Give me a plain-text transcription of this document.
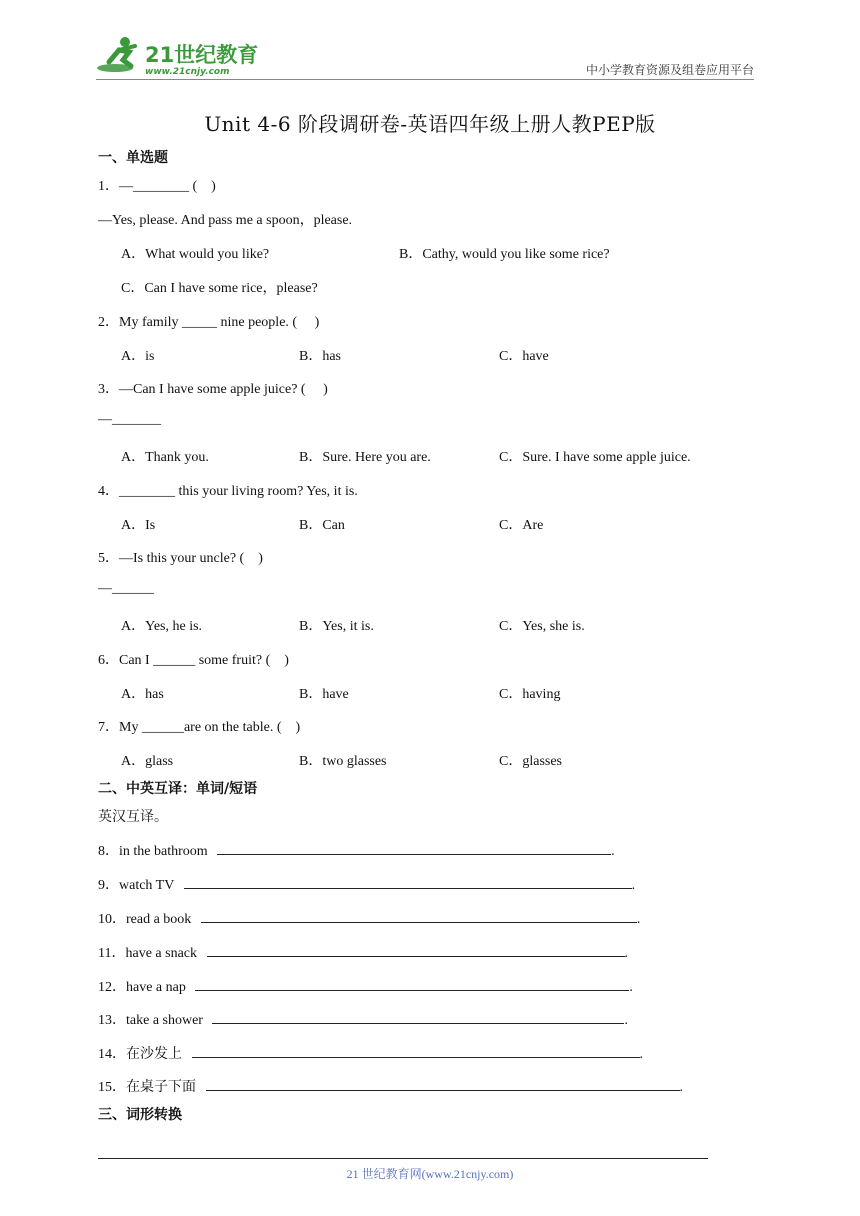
21世纪教育
www.21cnjy.com	中小学教育资源及组卷应用平台
Unit 4-6 阶段调研卷-英语四年级上册人教PEP版
一、单选题
1．—________ (　)
—Yes, please. And pass me a spoon，please.
A．What would you like?	B．Cathy, would you like some rice?
C．Can I have some rice，please?
2．My family _____ nine people. (　 )
A．is	B．has	C．have
3．—Can I have some apple juice? (　 )
—_______
A．Thank you.	B．Sure. Here you are.	C．Sure. I have some apple juice.
4．________ this your living room? Yes, it is.
A．Is	B．Can	C．Are
5．—Is this your uncle? (　)
—______
A．Yes, he is.	B．Yes, it is.	C．Yes, she is.
6．Can I ______ some fruit? (　)
A．has	B．have	C．having
7．My ______are on the table. (　)
A．glass	B．two glasses	C．glasses
二、中英互译：单词/短语
英汉互译。
8．in the bathroom	.
9．watch TV	.
10．read a book	.
11．have a snack	.
12．have a nap	.
13．take a shower	.
14．在沙发上	.
15．在桌子下面	.
三、词形转换
21 世纪教育网(www.21cnjy.com)
